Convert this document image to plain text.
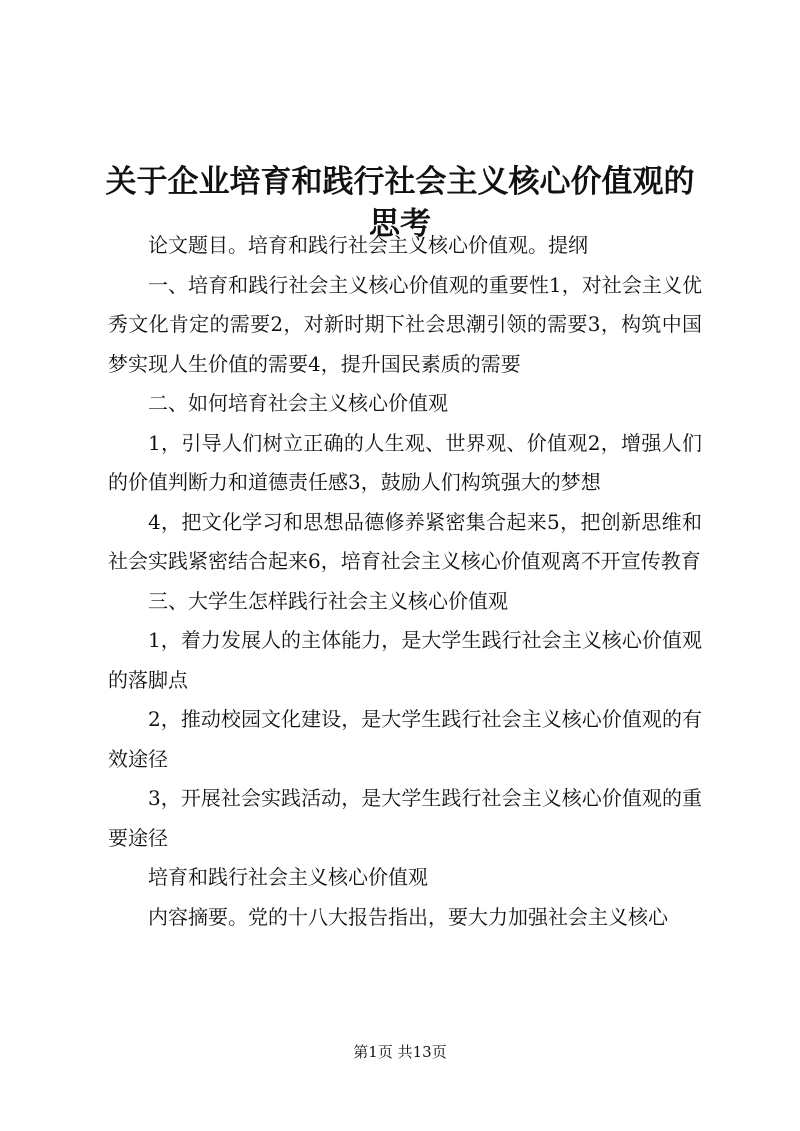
关于企业培育和践行社会主义核心价值观的思考

论文题目。培育和践行社会主义核心价值观。提纲

一、培育和践行社会主义核心价值观的重要性1，对社会主义优秀文化肯定的需要2，对新时期下社会思潮引领的需要3，构筑中国梦实现人生价值的需要4，提升国民素质的需要

二、如何培育社会主义核心价值观

1，引导人们树立正确的人生观、世界观、价值观2，增强人们的价值判断力和道德责任感3，鼓励人们构筑强大的梦想

4，把文化学习和思想品德修养紧密集合起来5，把创新思维和社会实践紧密结合起来6，培育社会主义核心价值观离不开宣传教育

三、大学生怎样践行社会主义核心价值观

1，着力发展人的主体能力，是大学生践行社会主义核心价值观的落脚点

2，推动校园文化建设，是大学生践行社会主义核心价值观的有效途径

3，开展社会实践活动，是大学生践行社会主义核心价值观的重要途径

培育和践行社会主义核心价值观

内容摘要。党的十八大报告指出，要大力加强社会主义核心

第1页 共13页
